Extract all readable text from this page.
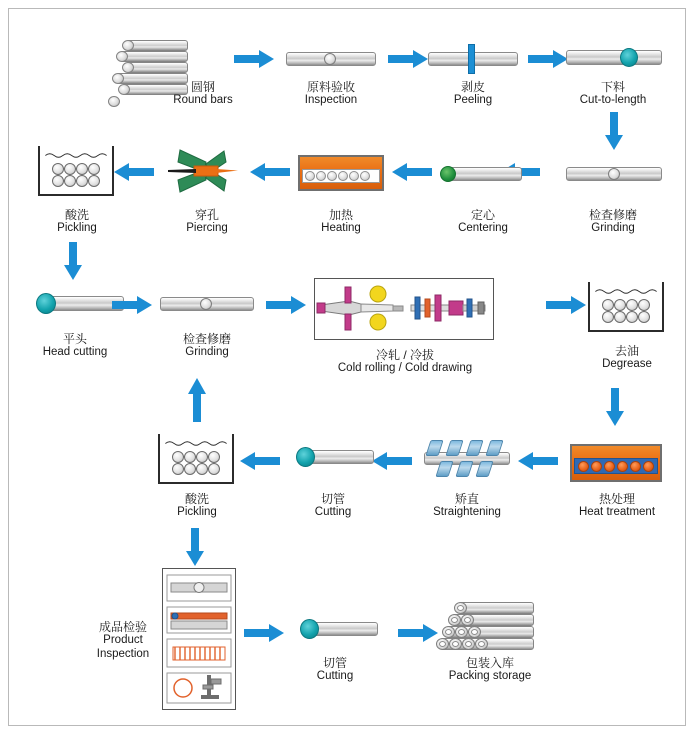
圆钢
Round bars
原料验收
Inspection
剥皮
Peeling
下料
Cut-to-length
检查修磨
Grinding
定心
Centering
加热
Heating
穿孔
Piercing
酸洗
Pickling
平头
Head cutting
检查修磨
Grinding	冷轧 / 冷拔
Cold rolling / Cold drawing
去油
Degrease
热处理
Heat treatment
矫直
Straightening
切管
Cutting
酸洗
Pickling
成品检验
Product Inspection
切管
Cutting
包装入库
Packing storage
